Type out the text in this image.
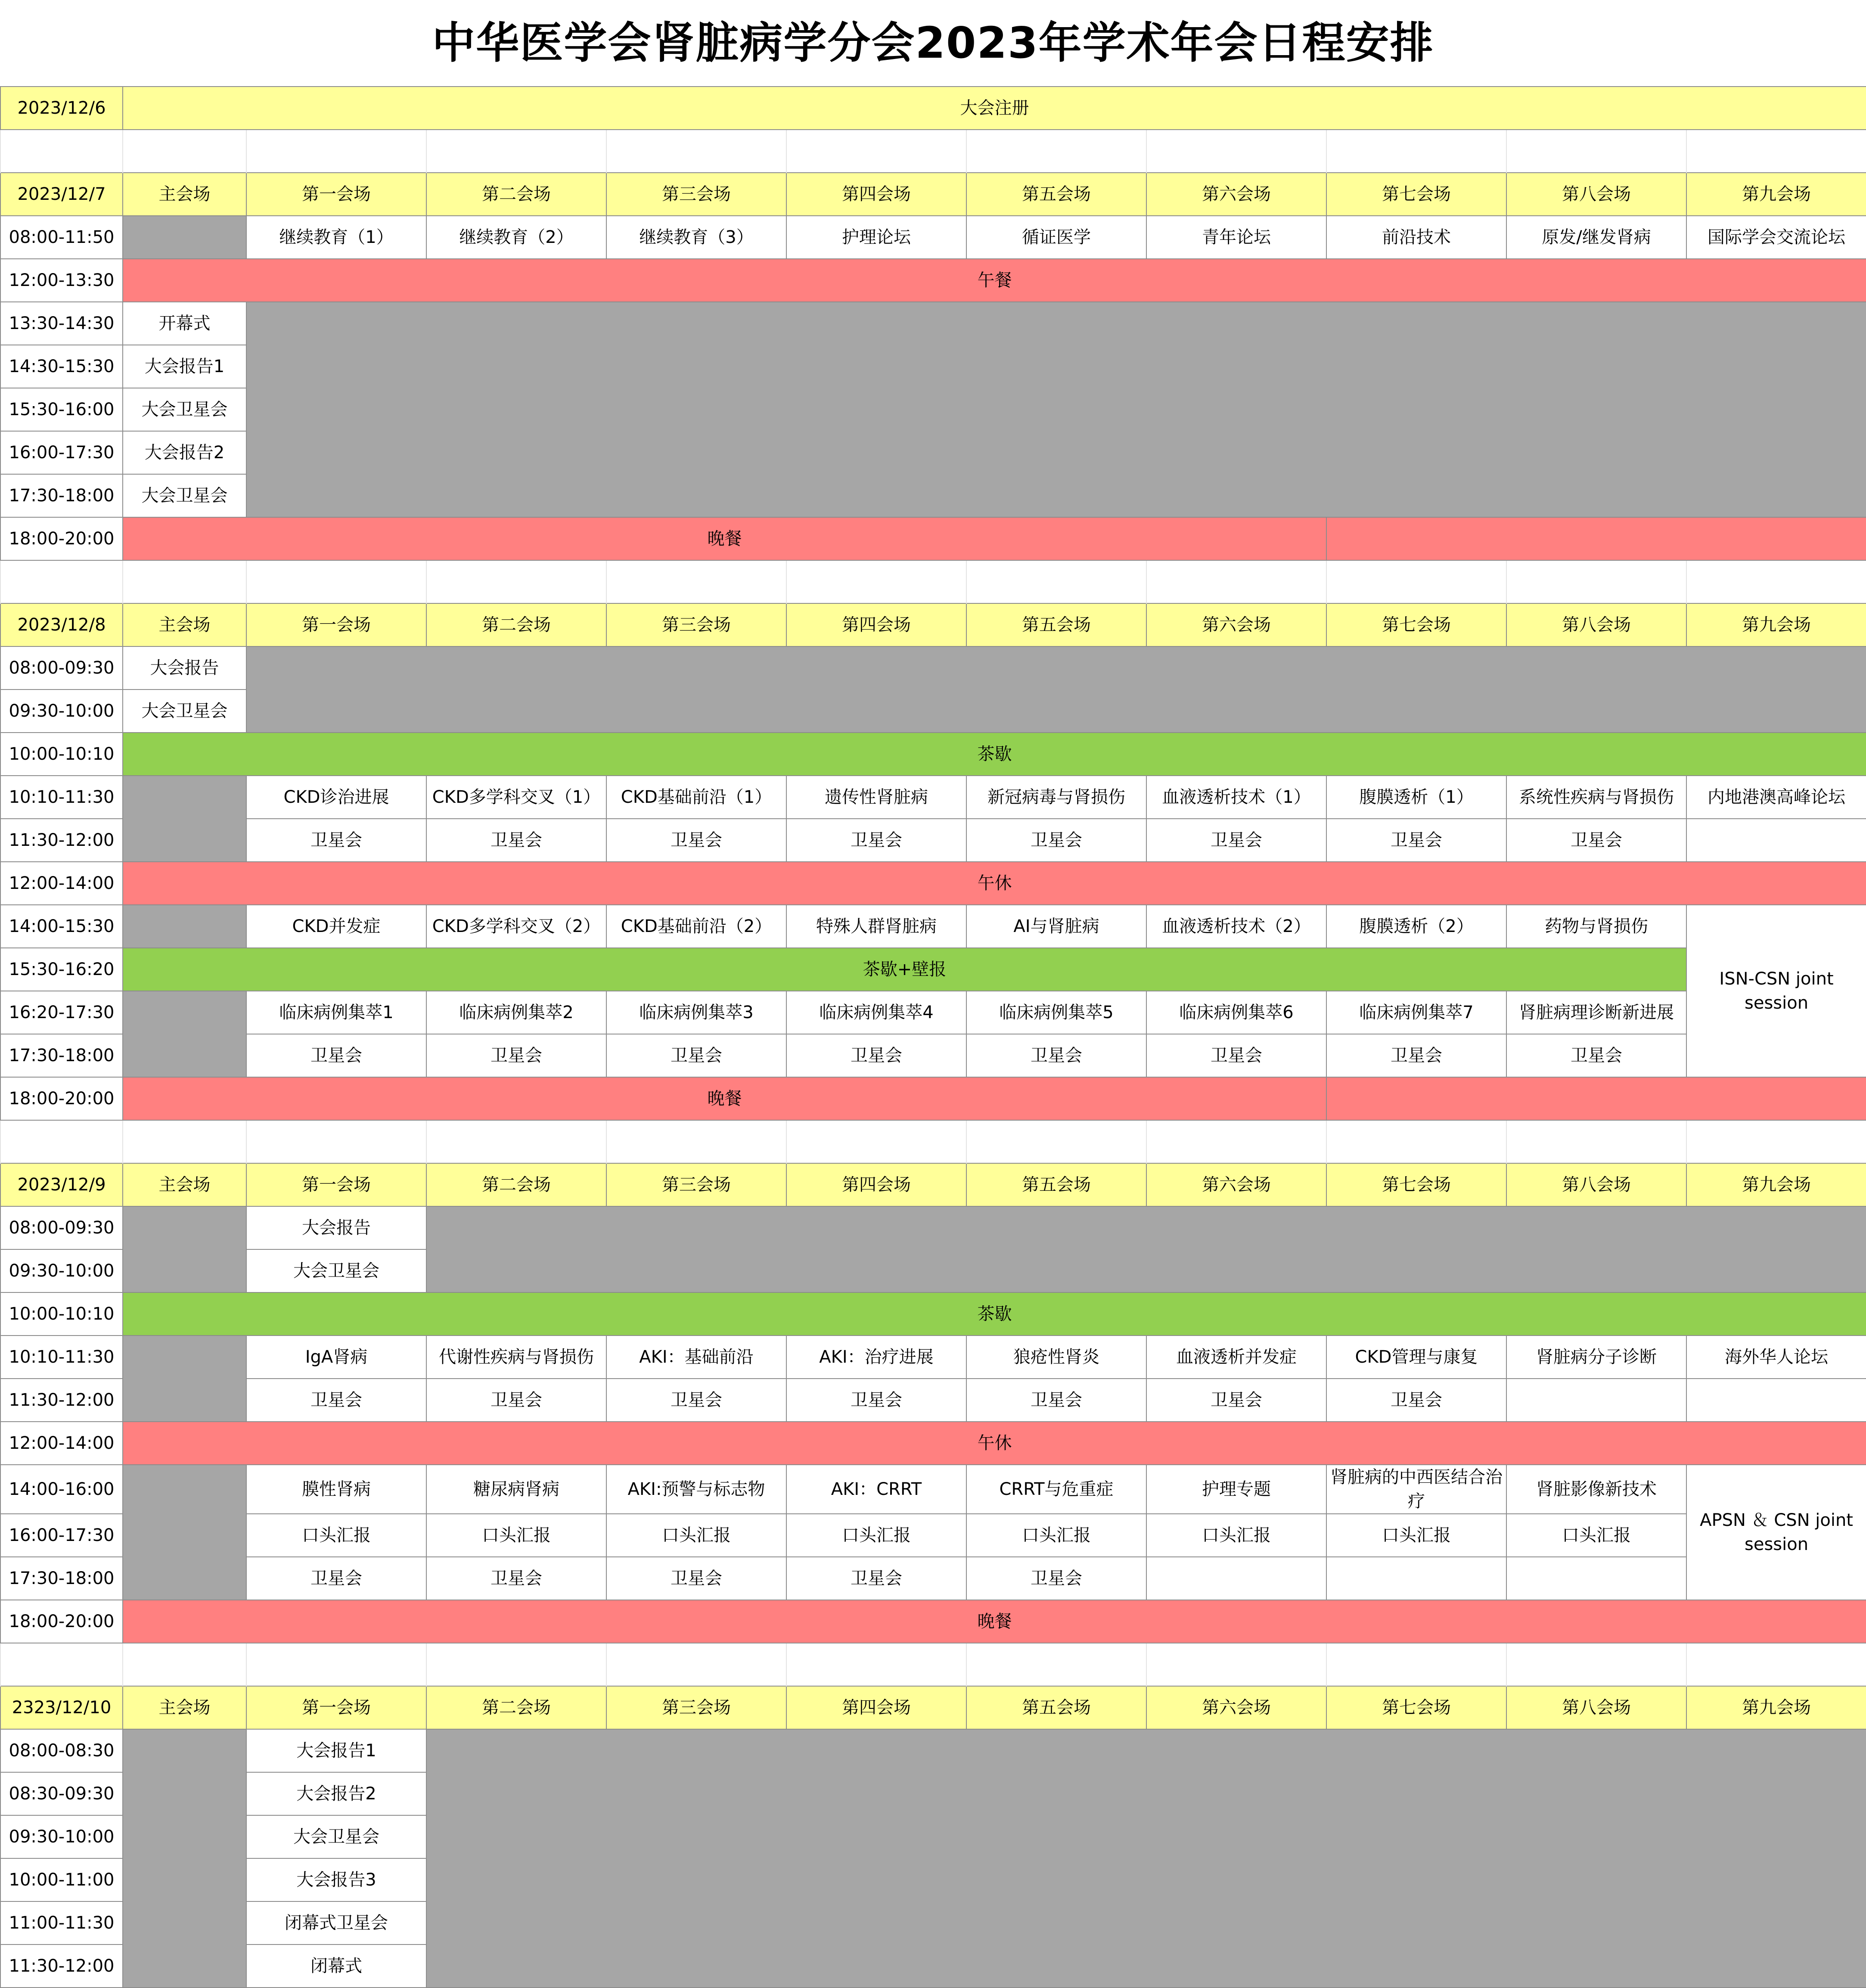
中华医学会肾脏病学分会2023年学术年会日程安排
2023/12/6	大会注册									

2023/12/7	主会场	第一会场	第二会场	第三会场	第四会场	第五会场	第六会场	第七会场	第八会场	第九会场
08:00-11:50		继续教育（1）	继续教育（2）	继续教育（3）	护理论坛	循证医学	青年论坛	前沿技术	原发/继发肾病	国际学会交流论坛
12:00-13:30	午餐									
13:30-14:30	开幕式									
14:30-15:30	大会报告1									
15:30-16:00	大会卫星会									
16:00-17:30	大会报告2									
17:30-18:00	大会卫星会									
18:00-20:00	晚餐									

2023/12/8	主会场	第一会场	第二会场	第三会场	第四会场	第五会场	第六会场	第七会场	第八会场	第九会场
08:00-09:30	大会报告									
09:30-10:00	大会卫星会									
10:00-10:10	茶歇									
10:10-11:30		CKD诊治进展	CKD多学科交叉（1）	CKD基础前沿（1）	遗传性肾脏病	新冠病毒与肾损伤	血液透析技术（1）	腹膜透析（1）	系统性疾病与肾损伤	内地港澳高峰论坛
11:30-12:00		卫星会	卫星会	卫星会	卫星会	卫星会	卫星会	卫星会	卫星会	
12:00-14:00	午休									
14:00-15:30		CKD并发症	CKD多学科交叉（2）	CKD基础前沿（2）	特殊人群肾脏病	AI与肾脏病	血液透析技术（2）	腹膜透析（2）	药物与肾损伤	ISN-CSN joint session
15:30-16:20	茶歇+壁报									
16:20-17:30		临床病例集萃1	临床病例集萃2	临床病例集萃3	临床病例集萃4	临床病例集萃5	临床病例集萃6	临床病例集萃7	肾脏病理诊断新进展	
17:30-18:00		卫星会	卫星会	卫星会	卫星会	卫星会	卫星会	卫星会	卫星会	
18:00-20:00	晚餐									

2023/12/9	主会场	第一会场	第二会场	第三会场	第四会场	第五会场	第六会场	第七会场	第八会场	第九会场
08:00-09:30		大会报告								
09:30-10:00		大会卫星会								
10:00-10:10	茶歇									
10:10-11:30		IgA肾病	代谢性疾病与肾损伤	AKI：基础前沿	AKI：治疗进展	狼疮性肾炎	血液透析并发症	CKD管理与康复	肾脏病分子诊断	海外华人论坛
11:30-12:00		卫星会	卫星会	卫星会	卫星会	卫星会	卫星会	卫星会		
12:00-14:00	午休									
14:00-16:00		膜性肾病	糖尿病肾病	AKI:预警与标志物	AKI：CRRT	CRRT与危重症	护理专题	肾脏病的中西医结合治疗	肾脏影像新技术	APSN ＆ CSN joint session
16:00-17:30		口头汇报	口头汇报	口头汇报	口头汇报	口头汇报	口头汇报	口头汇报	口头汇报	
17:30-18:00		卫星会	卫星会	卫星会	卫星会	卫星会				
18:00-20:00	晚餐									

2323/12/10	主会场	第一会场	第二会场	第三会场	第四会场	第五会场	第六会场	第七会场	第八会场	第九会场
08:00-08:30		大会报告1								
08:30-09:30		大会报告2								
09:30-10:00		大会卫星会								
10:00-11:00		大会报告3								
11:00-11:30		闭幕式卫星会								
11:30-12:00		闭幕式								
